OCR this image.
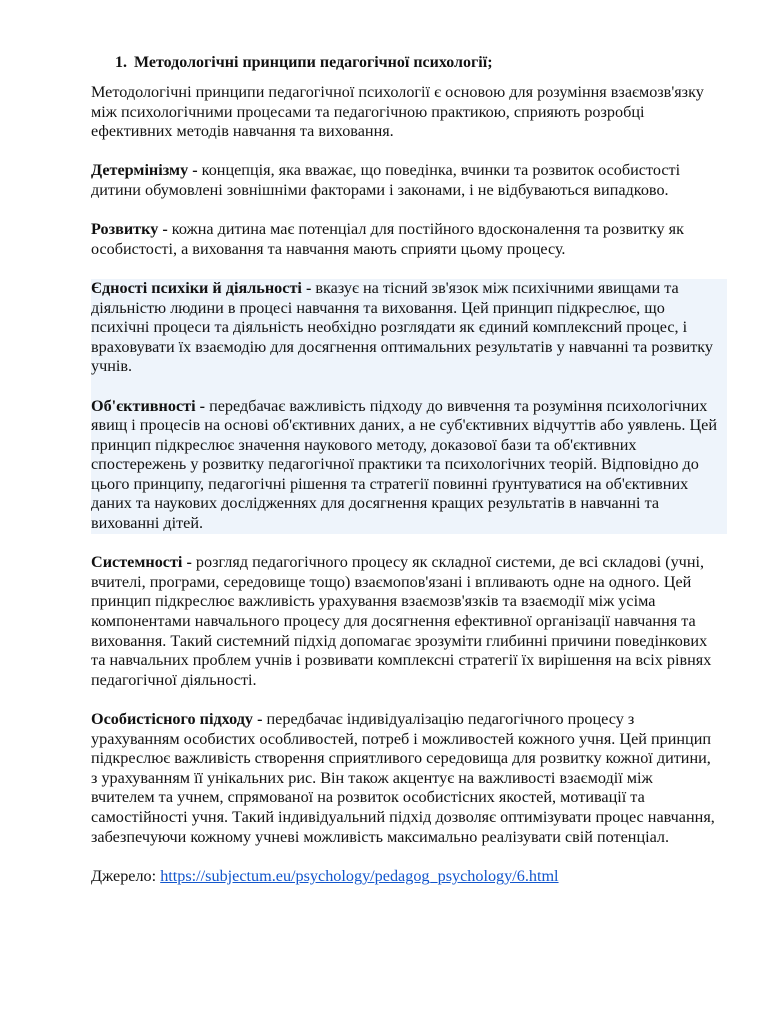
1. Методологічні принципи педагогічної психології;

Методологічні принципи педагогічної психології є основою для розуміння взаємозв'язку між психологічними процесами та педагогічною практикою, сприяють розробці ефективних методів навчання та виховання.

Детермінізму - концепція, яка вважає, що поведінка, вчинки та розвиток особистості дитини обумовлені зовнішніми факторами і законами, і не відбуваються випадково.

Розвитку - кожна дитина має потенціал для постійного вдосконалення та розвитку як особистості, а виховання та навчання мають сприяти цьому процесу.

Єдності психіки й діяльності - вказує на тісний зв'язок між психічними явищами та діяльністю людини в процесі навчання та виховання. Цей принцип підкреслює, що психічні процеси та діяльність необхідно розглядати як єдиний комплексний процес, і враховувати їх взаємодію для досягнення оптимальних результатів у навчанні та розвитку учнів.

Об'єктивності - передбачає важливість підходу до вивчення та розуміння психологічних явищ і процесів на основі об'єктивних даних, а не суб'єктивних відчуттів або уявлень. Цей принцип підкреслює значення наукового методу, доказової бази та об'єктивних спостережень у розвитку педагогічної практики та психологічних теорій. Відповідно до цього принципу, педагогічні рішення та стратегії повинні ґрунтуватися на об'єктивних даних та наукових дослідженнях для досягнення кращих результатів в навчанні та вихованні дітей.

Системності - розгляд педагогічного процесу як складної системи, де всі складові (учні, вчителі, програми, середовище тощо) взаємопов'язані і впливають одне на одного. Цей принцип підкреслює важливість урахування взаємозв'язків та взаємодії між усіма компонентами навчального процесу для досягнення ефективної організації навчання та виховання. Такий системний підхід допомагає зрозуміти глибинні причини поведінкових та навчальних проблем учнів і розвивати комплексні стратегії їх вирішення на всіх рівнях педагогічної діяльності.

Особистісного підходу - передбачає індивідуалізацію педагогічного процесу з урахуванням особистих особливостей, потреб і можливостей кожного учня. Цей принцип підкреслює важливість створення сприятливого середовища для розвитку кожної дитини, з урахуванням її унікальних рис. Він також акцентує на важливості взаємодії між вчителем та учнем, спрямованої на розвиток особистісних якостей, мотивації та самостійності учня. Такий індивідуальний підхід дозволяє оптимізувати процес навчання, забезпечуючи кожному учневі можливість максимально реалізувати свій потенціал.

Джерело: https://subjectum.eu/psychology/pedagog_psychology/6.html
